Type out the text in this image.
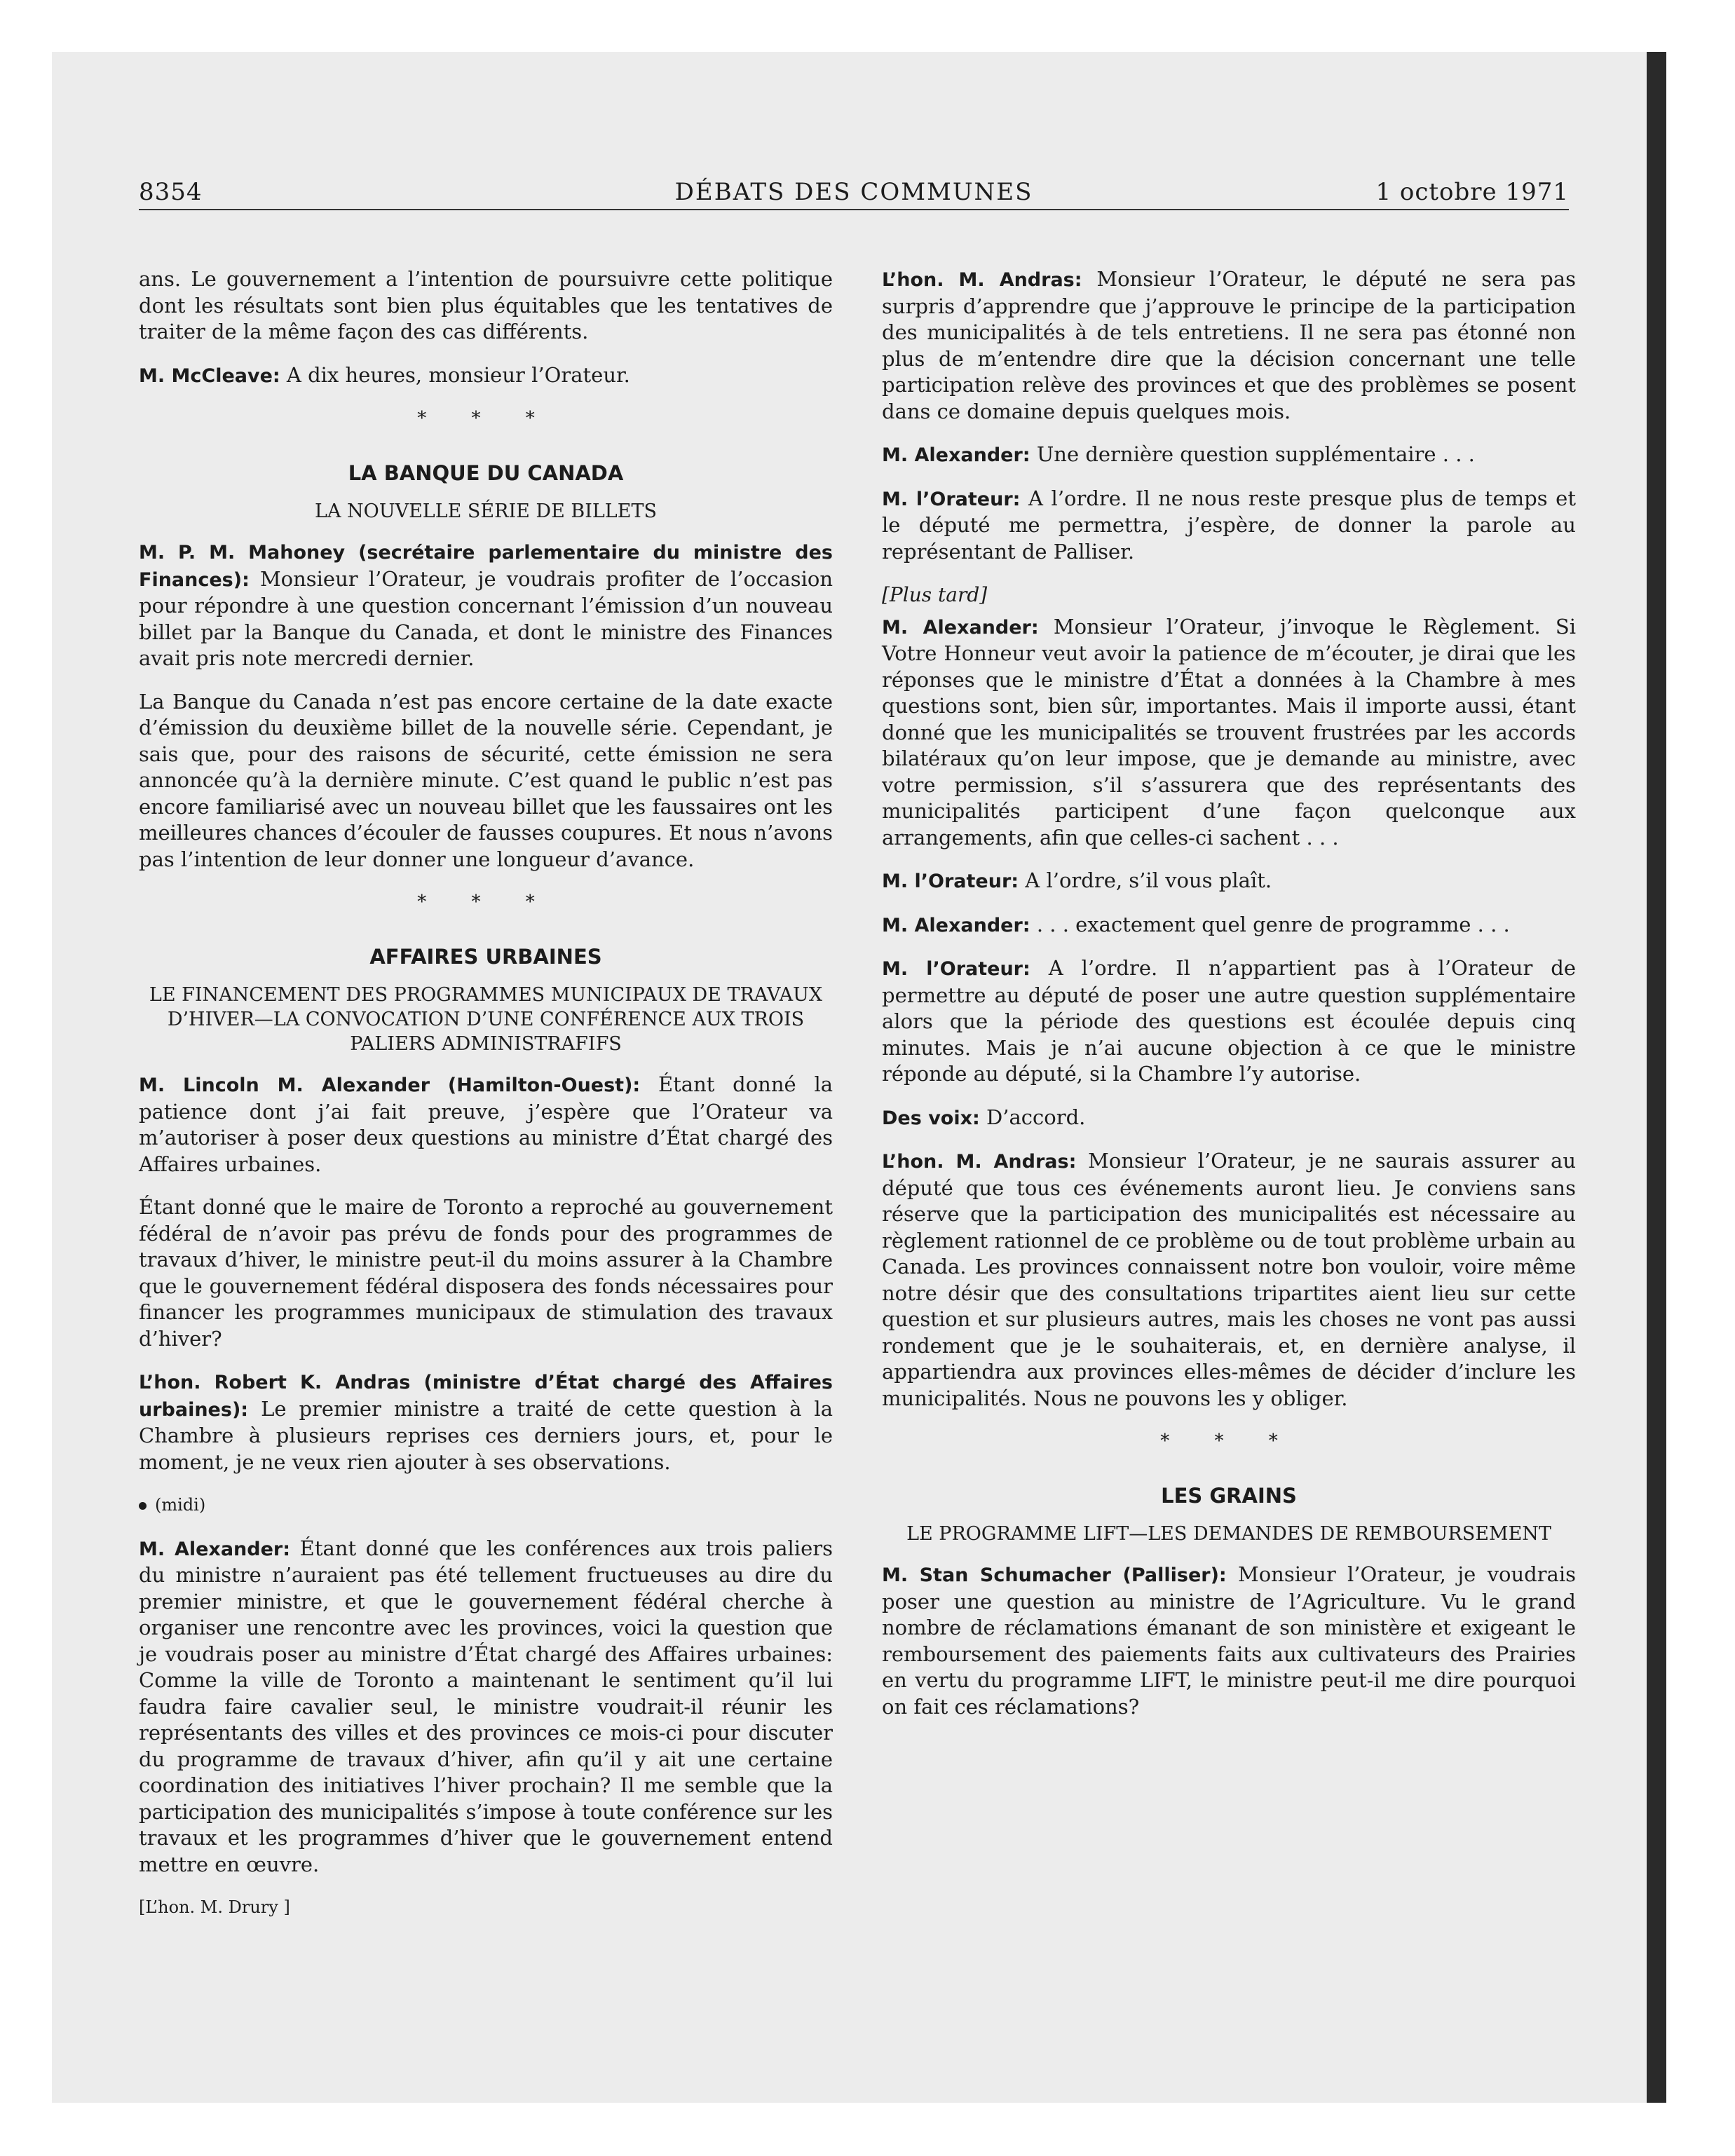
8354	DÉBATS DES COMMUNES	1 octobre 1971

ans. Le gouvernement a l’intention de poursuivre cette politique dont les résultats sont bien plus équitables que les tentatives de traiter de la même façon des cas différents.

M. McCleave: A dix heures, monsieur l’Orateur.

* * *
LA BANQUE DU CANADA
LA NOUVELLE SÉRIE DE BILLETS

M. P. M. Mahoney (secrétaire parlementaire du ministre des Finances): Monsieur l’Orateur, je voudrais profiter de l’occasion pour répondre à une question concernant l’émission d’un nouveau billet par la Banque du Canada, et dont le ministre des Finances avait pris note mercredi dernier.

La Banque du Canada n’est pas encore certaine de la date exacte d’émission du deuxième billet de la nouvelle série. Cependant, je sais que, pour des raisons de sécurité, cette émission ne sera annoncée qu’à la dernière minute. C’est quand le public n’est pas encore familiarisé avec un nouveau billet que les faussaires ont les meilleures chances d’écouler de fausses coupures. Et nous n’avons pas l’intention de leur donner une longueur d’avance.

* * *
AFFAIRES URBAINES
LE FINANCEMENT DES PROGRAMMES MUNICIPAUX DE TRAVAUX D’HIVER—LA CONVOCATION D’UNE CONFÉRENCE AUX TROIS PALIERS ADMINISTRAFIFS

M. Lincoln M. Alexander (Hamilton-Ouest): Étant donné la patience dont j’ai fait preuve, j’espère que l’Orateur va m’autoriser à poser deux questions au ministre d’État chargé des Affaires urbaines.

Étant donné que le maire de Toronto a reproché au gouvernement fédéral de n’avoir pas prévu de fonds pour des programmes de travaux d’hiver, le ministre peut-il du moins assurer à la Chambre que le gouvernement fédéral disposera des fonds nécessaires pour financer les programmes municipaux de stimulation des travaux d’hiver?

L’hon. Robert K. Andras (ministre d’État chargé des Affaires urbaines): Le premier ministre a traité de cette question à la Chambre à plusieurs reprises ces derniers jours, et, pour le moment, je ne veux rien ajouter à ses observations.

(midi)

M. Alexander: Étant donné que les conférences aux trois paliers du ministre n’auraient pas été tellement fructueuses au dire du premier ministre, et que le gouvernement fédéral cherche à organiser une rencontre avec les provinces, voici la question que je voudrais poser au ministre d’État chargé des Affaires urbaines: Comme la ville de Toronto a maintenant le sentiment qu’il lui faudra faire cavalier seul, le ministre voudrait-il réunir les représentants des villes et des provinces ce mois-ci pour discuter du programme de travaux d’hiver, afin qu’il y ait une certaine coordination des initiatives l’hiver prochain? Il me semble que la participation des municipalités s’impose à toute conférence sur les travaux et les programmes d’hiver que le gouvernement entend mettre en œuvre.

[L’hon. M. Drury ]

L’hon. M. Andras: Monsieur l’Orateur, le député ne sera pas surpris d’apprendre que j’approuve le principe de la participation des municipalités à de tels entretiens. Il ne sera pas étonné non plus de m’entendre dire que la décision concernant une telle participation relève des provinces et que des problèmes se posent dans ce domaine depuis quelques mois.

M. Alexander: Une dernière question supplémentaire . . .

M. l’Orateur: A l’ordre. Il ne nous reste presque plus de temps et le député me permettra, j’espère, de donner la parole au représentant de Palliser.

[Plus tard]

M. Alexander: Monsieur l’Orateur, j’invoque le Règlement. Si Votre Honneur veut avoir la patience de m’écouter, je dirai que les réponses que le ministre d’État a données à la Chambre à mes questions sont, bien sûr, importantes. Mais il importe aussi, étant donné que les municipalités se trouvent frustrées par les accords bilatéraux qu’on leur impose, que je demande au ministre, avec votre permission, s’il s’assurera que des représentants des municipalités participent d’une façon quelconque aux arrangements, afin que celles-ci sachent . . .

M. l’Orateur: A l’ordre, s’il vous plaît.

M. Alexander: . . . exactement quel genre de programme . . .

M. l’Orateur: A l’ordre. Il n’appartient pas à l’Orateur de permettre au député de poser une autre question supplémentaire alors que la période des questions est écoulée depuis cinq minutes. Mais je n’ai aucune objection à ce que le ministre réponde au député, si la Chambre l’y autorise.

Des voix: D’accord.

L’hon. M. Andras: Monsieur l’Orateur, je ne saurais assurer au député que tous ces événements auront lieu. Je conviens sans réserve que la participation des municipalités est nécessaire au règlement rationnel de ce problème ou de tout problème urbain au Canada. Les provinces connaissent notre bon vouloir, voire même notre désir que des consultations tripartites aient lieu sur cette question et sur plusieurs autres, mais les choses ne vont pas aussi rondement que je le souhaiterais, et, en dernière analyse, il appartiendra aux provinces elles-mêmes de décider d’inclure les municipalités. Nous ne pouvons les y obliger.

* * *
LES GRAINS
LE PROGRAMME LIFT—LES DEMANDES DE REMBOURSEMENT

M. Stan Schumacher (Palliser): Monsieur l’Orateur, je voudrais poser une question au ministre de l’Agriculture. Vu le grand nombre de réclamations émanant de son ministère et exigeant le remboursement des paiements faits aux cultivateurs des Prairies en vertu du programme LIFT, le ministre peut-il me dire pourquoi on fait ces réclamations?
